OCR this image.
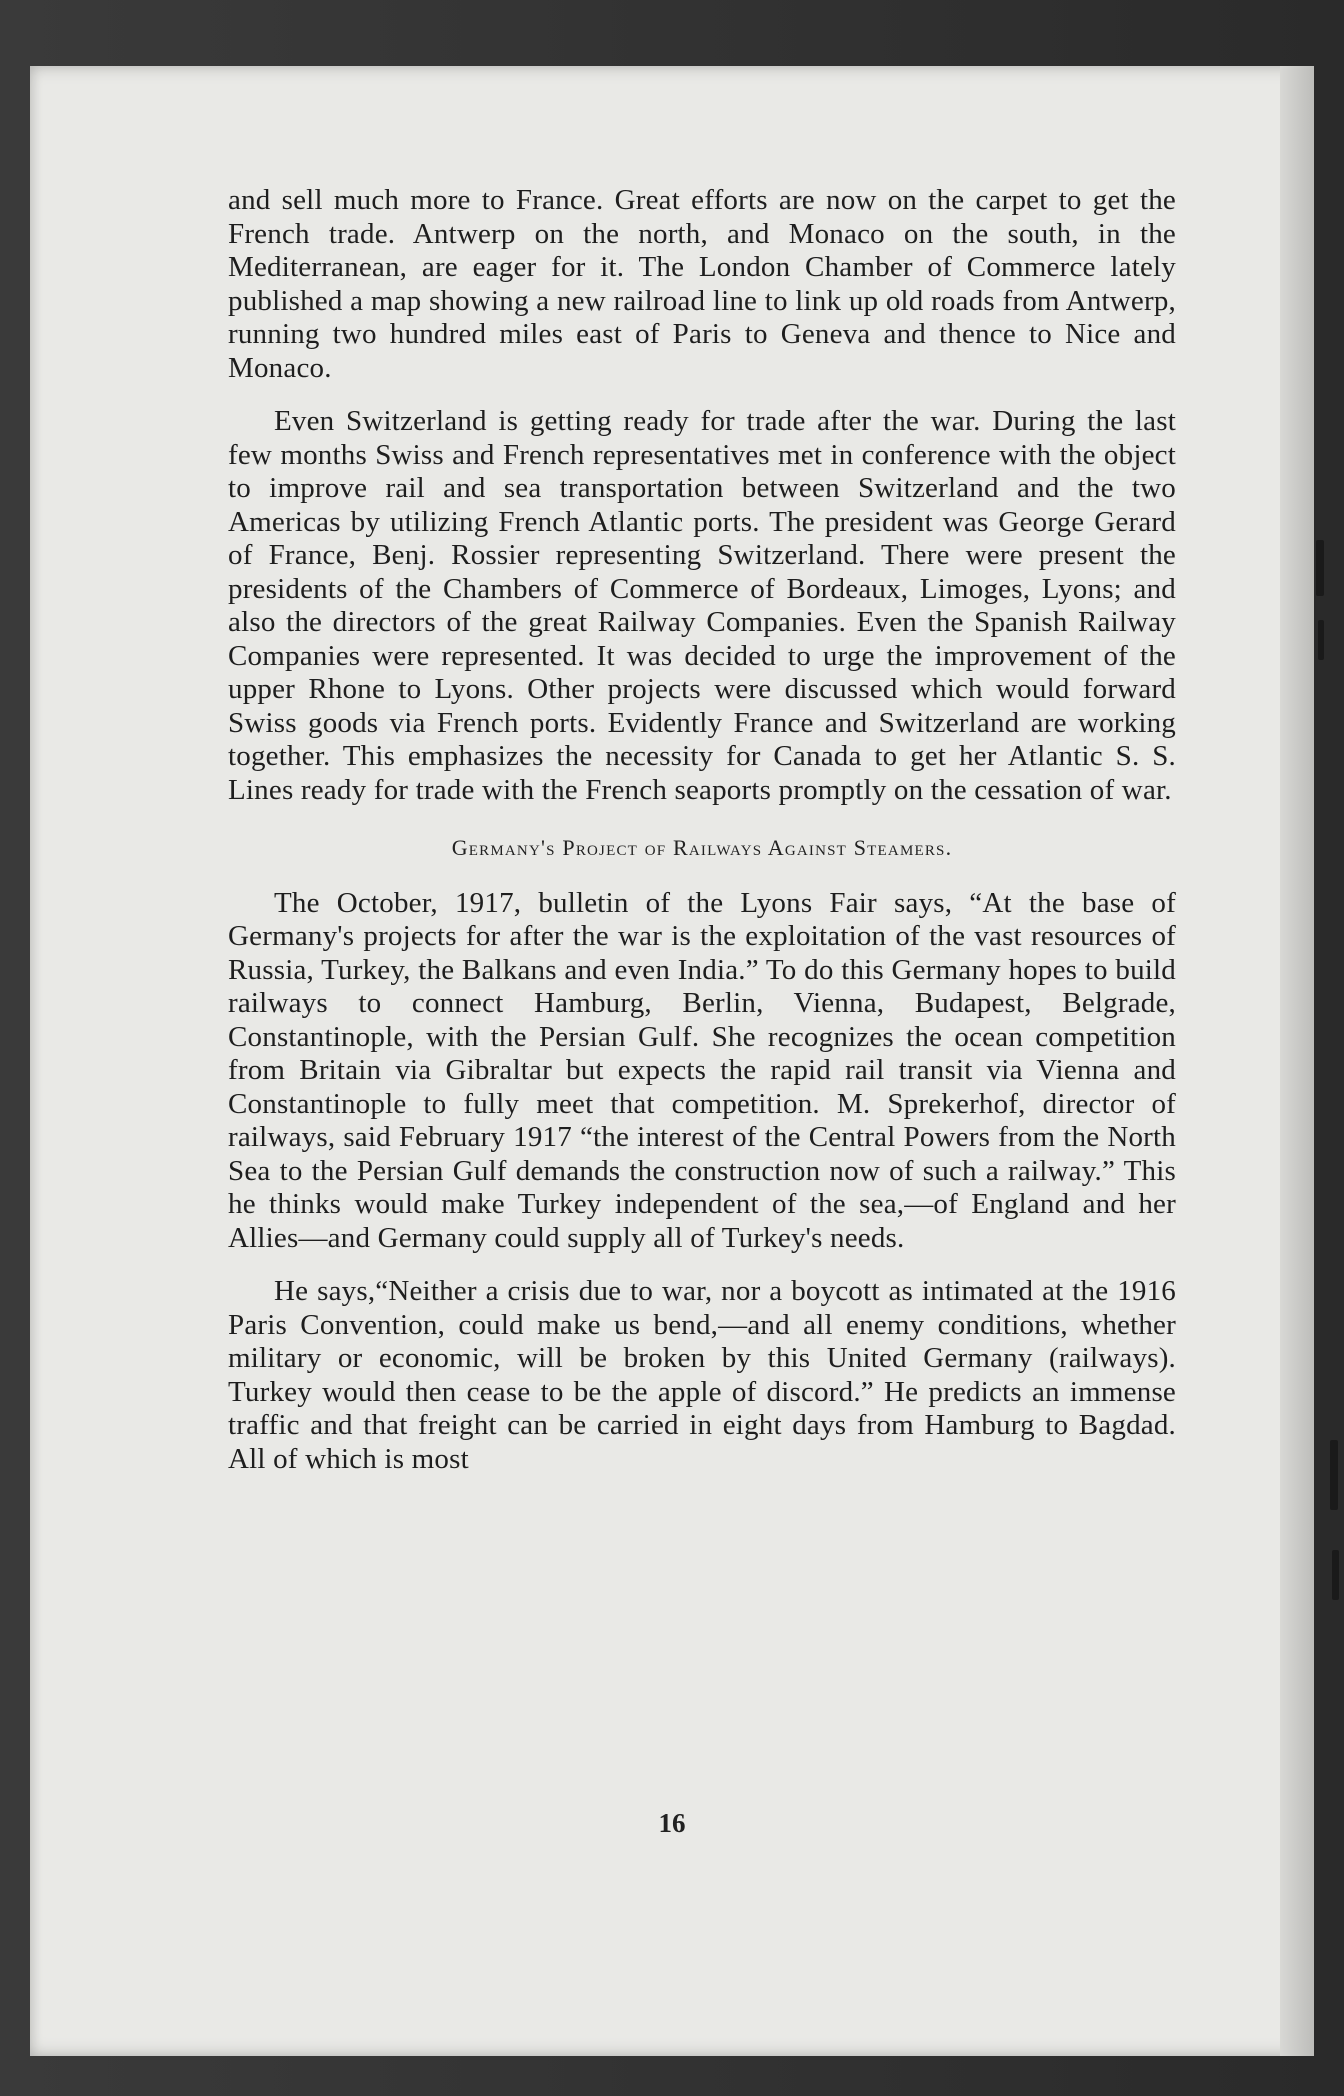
and sell much more to France. Great efforts are now on the carpet to get the French trade. Antwerp on the north, and Monaco on the south, in the Mediterranean, are eager for it. The London Chamber of Commerce lately published a map showing a new railroad line to link up old roads from Antwerp, running two hundred miles east of Paris to Geneva and thence to Nice and Monaco.

Even Switzerland is getting ready for trade after the war. During the last few months Swiss and French representatives met in conference with the object to improve rail and sea transportation between Switzerland and the two Americas by utilizing French Atlantic ports. The president was George Gerard of France, Benj. Rossier representing Switzerland. There were present the presidents of the Chambers of Commerce of Bordeaux, Limoges, Lyons; and also the directors of the great Railway Companies. Even the Spanish Railway Companies were represented. It was decided to urge the improvement of the upper Rhone to Lyons. Other projects were discussed which would forward Swiss goods via French ports. Evidently France and Switzerland are working together. This emphasizes the necessity for Canada to get her Atlantic S. S. Lines ready for trade with the French seaports promptly on the cessation of war.

Germany's Project of Railways Against Steamers.

The October, 1917, bulletin of the Lyons Fair says, “At the base of Germany's projects for after the war is the exploitation of the vast resources of Russia, Turkey, the Balkans and even India.” To do this Germany hopes to build railways to connect Hamburg, Berlin, Vienna, Budapest, Belgrade, Constantinople, with the Persian Gulf. She recognizes the ocean competition from Britain via Gibraltar but expects the rapid rail transit via Vienna and Constantinople to fully meet that competition. M. Sprekerhof, director of railways, said February 1917 “the interest of the Central Powers from the North Sea to the Persian Gulf demands the construction now of such a railway.” This he thinks would make Turkey independent of the sea,—of England and her Allies—and Germany could supply all of Turkey's needs.

He says,“Neither a crisis due to war, nor a boycott as intimated at the 1916 Paris Convention, could make us bend,—and all enemy conditions, whether military or economic, will be broken by this United Germany (railways). Turkey would then cease to be the apple of discord.” He predicts an immense traffic and that freight can be carried in eight days from Hamburg to Bagdad. All of which is most

16
